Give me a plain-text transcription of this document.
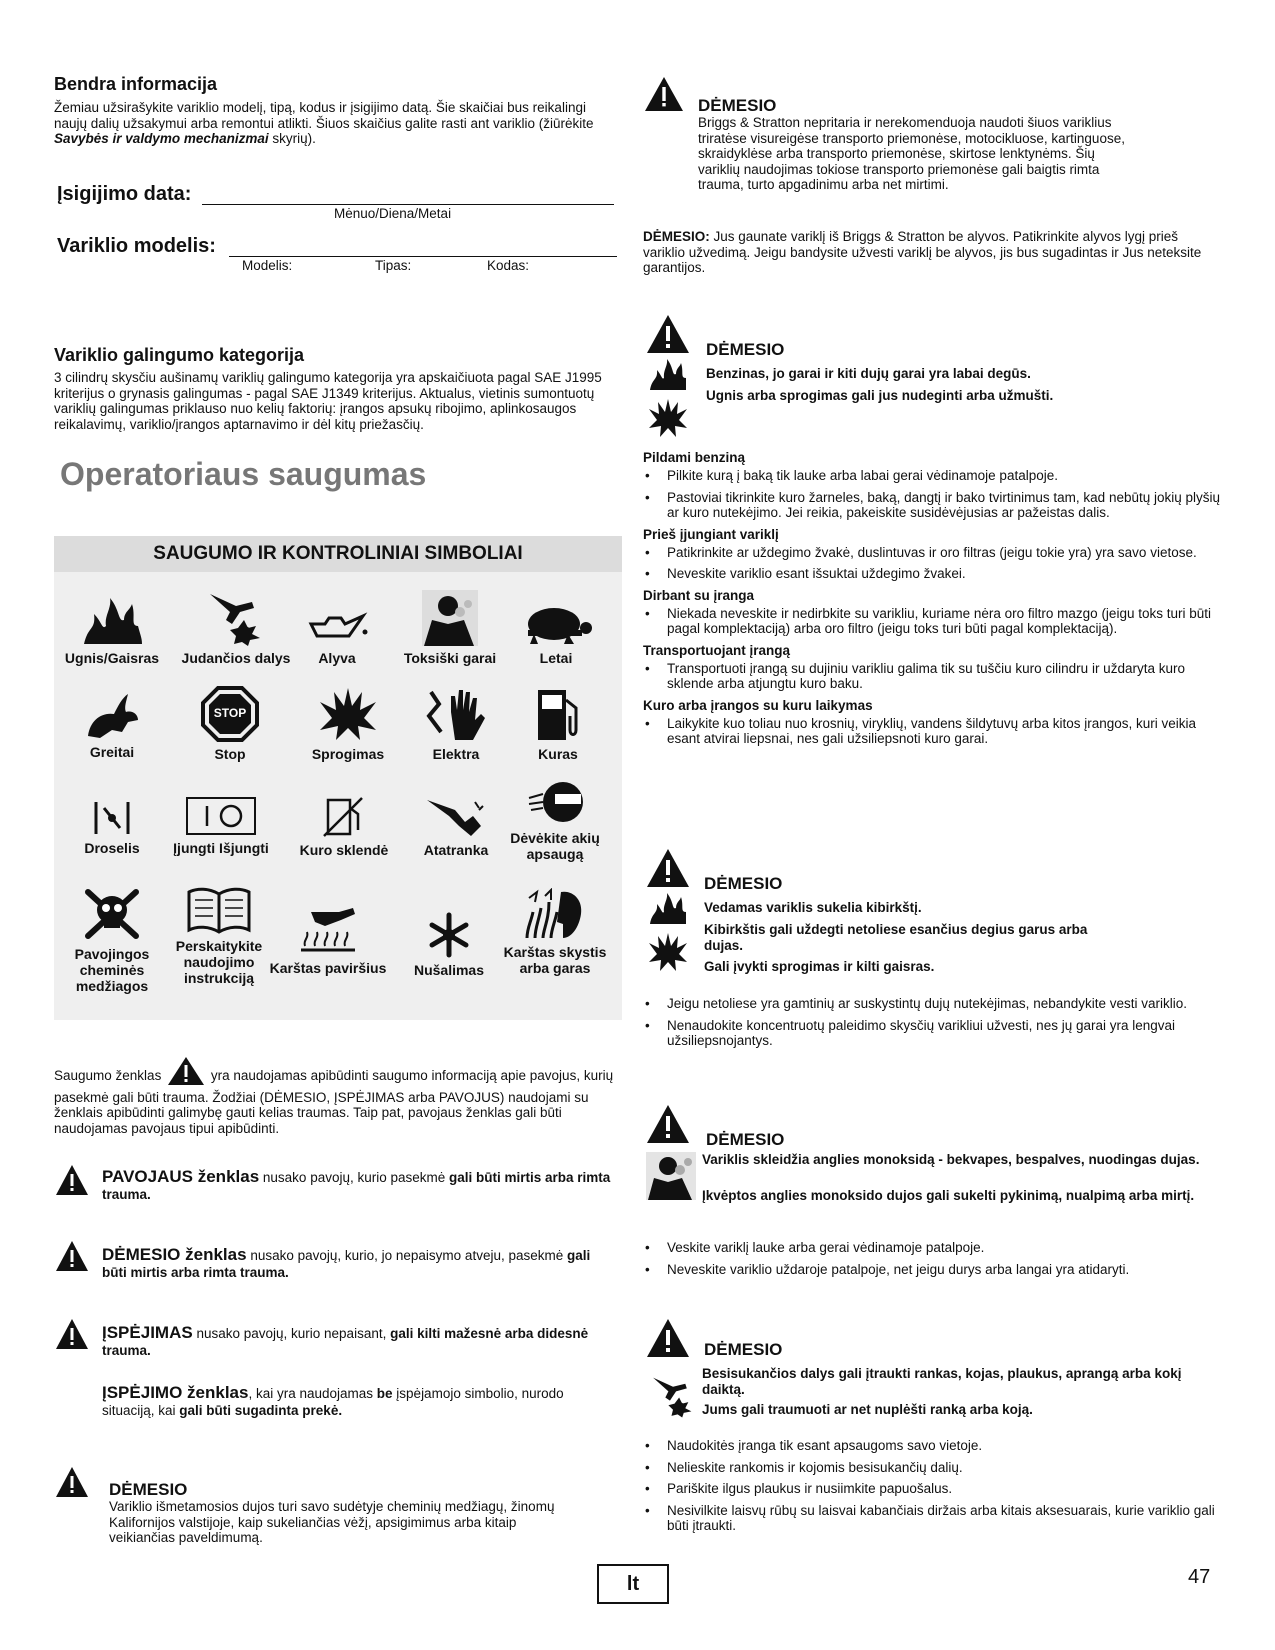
Bendra informacija
Žemiau užsirašykite variklio modelį, tipą, kodus ir įsigijimo datą. Šie skaičiai bus reikalingi naujų dalių užsakymui arba remontui atlikti. Šiuos skaičius galite rasti ant variklio (žiūrėkite Savybės ir valdymo mechanizmai skyrių).
Įsigijimo data:
Mėnuo/Diena/Metai
Variklio modelis:
Modelis:	Tipas:	Kodas:
Variklio galingumo kategorija
3 cilindrų skysčiu aušinamų variklių galingumo kategorija yra apskaičiuota pagal SAE J1995 kriterijus o grynasis galingumas - pagal SAE J1349 kriterijus. Aktualus, vietinis sumontuotų variklių galingumas priklauso nuo kelių faktorių: įrangos apsukų ribojimo, aplinkosaugos reikalavimų, variklio/įrangos aptarnavimo ir dėl kitų priežasčių.
Operatoriaus saugumas
SAUGUMO IR KONTROLINIAI SIMBOLIAI
Ugnis/Gaisras	Judančios dalys	Alyva	Toksiški garai	Letai
Greitai
STOP
Stop	Sprogimas	Elektra	Kuras
Droselis	Įjungti Išjungti	Kuro sklendė	Atatranka
Dėvėkite akių apsaugą
Pavojingos cheminės medžiagos
Perskaitykite naudojimo instrukciją
Karštas paviršius	Nušalimas
Karštas skystis arba garas
Saugumo ženklas	yra naudojamas apibūdinti saugumo informaciją apie pavojus, kurių pasekmė gali būti trauma. Žodžiai (DĖMESIO, ĮSPĖJIMAS arba PAVOJUS) naudojami su ženklais apibūdinti galimybę gauti kelias traumas. Taip pat, pavojaus ženklas gali būti naudojamas pavojaus tipui apibūdinti.
PAVOJAUS ženklas nusako pavojų, kurio pasekmė gali būti mirtis arba rimta trauma.
DĖMESIO ženklas nusako pavojų, kurio, jo nepaisymo atveju, pasekmė gali būti mirtis arba rimta trauma.
ĮSPĖJIMAS nusako pavojų, kurio nepaisant, gali kilti mažesnė arba didesnė trauma.
ĮSPĖJIMO ženklas, kai yra naudojamas be įspėjamojo simbolio, nurodo situaciją, kai gali būti sugadinta prekė.
DĖMESIO
Variklio išmetamosios dujos turi savo sudėtyje cheminių medžiagų, žinomų Kalifornijos valstijoje, kaip sukeliančias vėžį, apsigimimus arba kitaip veikiančias paveldimumą.
DĖMESIO
Briggs & Stratton nepritaria ir nerekomenduoja naudoti šiuos variklius triratėse visureigėse transporto priemonėse, motocikluose, kartinguose, skraidyklėse arba transporto priemonėse, skirtose lenktynėms. Šių variklių naudojimas tokiose transporto priemonėse gali baigtis rimta trauma, turto apgadinimu arba net mirtimi.
DĖMESIO: Jus gaunate variklį iš Briggs & Stratton be alyvos. Patikrinkite alyvos lygį prieš variklio užvedimą. Jeigu bandysite užvesti variklį be alyvos, jis bus sugadintas ir Jus neteksite garantijos.
DĖMESIO
Benzinas, jo garai ir kiti dujų garai yra labai degūs.
Ugnis arba sprogimas gali jus nudeginti arba užmušti.
Pildami benziną
• Pilkite kurą į baką tik lauke arba labai gerai vėdinamoje patalpoje.
• Pastoviai tikrinkite kuro žarneles, baką, dangtį ir bako tvirtinimus tam, kad nebūtų jokių plyšių ar kuro nutekėjimo. Jei reikia, pakeiskite susidėvėjusias ar pažeistas dalis.
Prieš įjungiant variklį
• Patikrinkite ar uždegimo žvakė, duslintuvas ir oro filtras (jeigu tokie yra) yra savo vietose.
• Neveskite variklio esant išsuktai uždegimo žvakei.
Dirbant su įranga
• Niekada neveskite ir nedirbkite su varikliu, kuriame nėra oro filtro mazgo (jeigu toks turi būti pagal komplektaciją) arba oro filtro (jeigu toks turi būti pagal komplektaciją).
Transportuojant įrangą
• Transportuoti įrangą su dujiniu varikliu galima tik su tuščiu kuro cilindru ir uždaryta kuro sklende arba atjungtu kuro baku.
Kuro arba įrangos su kuru laikymas
• Laikykite kuo toliau nuo krosnių, viryklių, vandens šildytuvų arba kitos įrangos, kuri veikia esant atvirai liepsnai, nes gali užsiliepsnoti kuro garai.
DĖMESIO
Vedamas variklis sukelia kibirkštį.
Kibirkštis gali uždegti netoliese esančius degius garus arba dujas.
Gali įvykti sprogimas ir kilti gaisras.
• Jeigu netoliese yra gamtinių ar suskystintų dujų nutekėjimas, nebandykite vesti variklio.
• Nenaudokite koncentruotų paleidimo skysčių varikliui užvesti, nes jų garai yra lengvai užsiliepsnojantys.
DĖMESIO
Variklis skleidžia anglies monoksidą - bekvapes, bespalves, nuodingas dujas.
Įkvėptos anglies monoksido dujos gali sukelti pykinimą, nualpimą arba mirtį.
• Veskite variklį lauke arba gerai vėdinamoje patalpoje.
• Neveskite variklio uždaroje patalpoje, net jeigu durys arba langai yra atidaryti.
DĖMESIO
Besisukančios dalys gali įtraukti rankas, kojas, plaukus, aprangą arba kokį daiktą.
Jums gali traumuoti ar net nuplėšti ranką arba koją.
• Naudokitės įranga tik esant apsaugoms savo vietoje.
• Nelieskite rankomis ir kojomis besisukančių dalių.
• Pariškite ilgus plaukus ir nusiimkite papuošalus.
• Nesivilkite laisvų rūbų su laisvai kabančiais diržais arba kitais aksesuarais, kurie variklio gali būti įtraukti.
lt	47
